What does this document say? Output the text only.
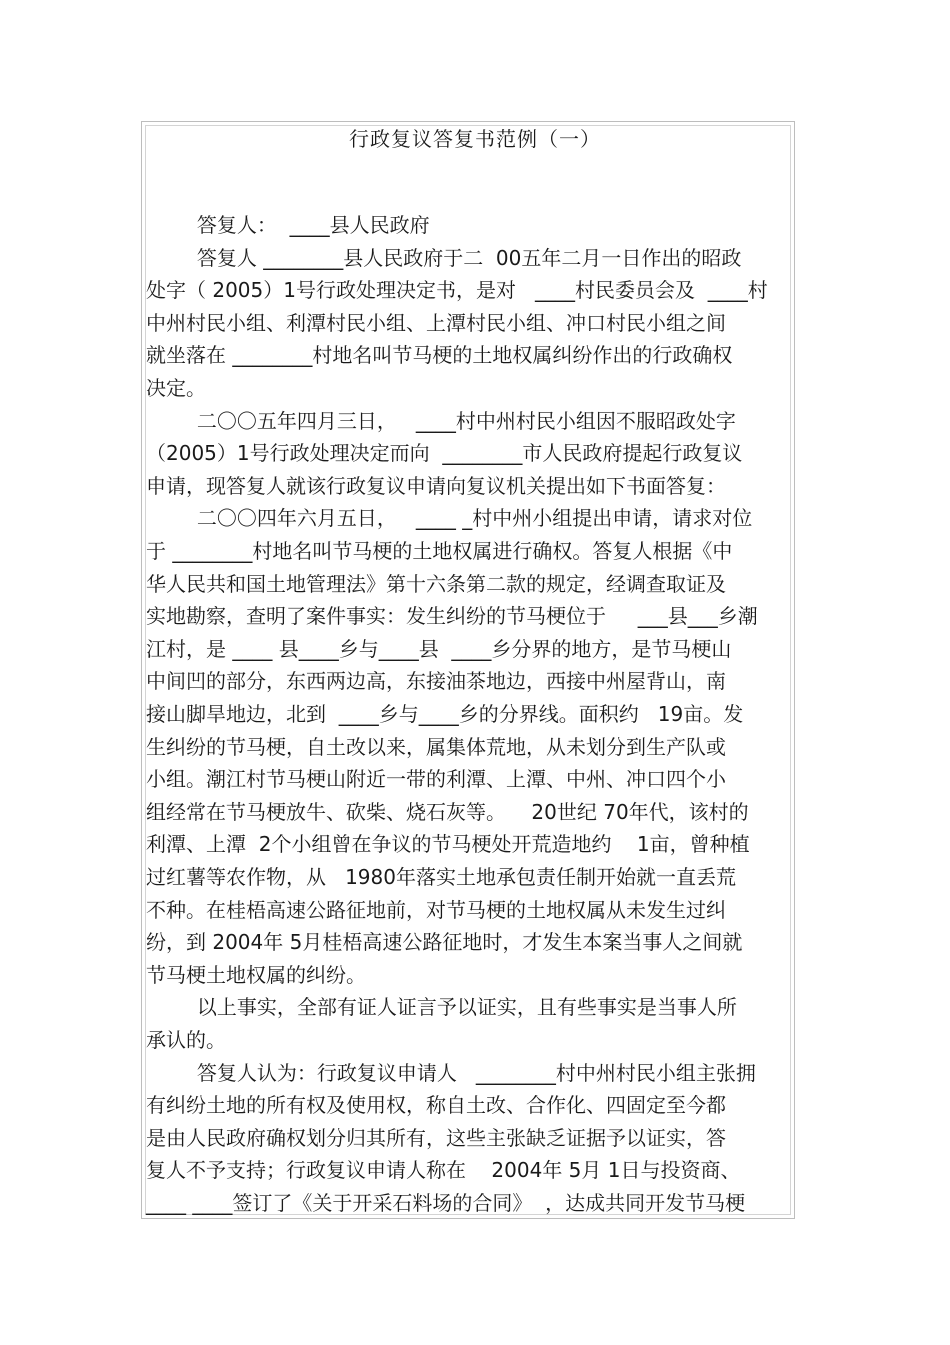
行政复议答复书范例（一）
答复人：  ____县人民政府
答复人 ________县人民政府于二  00五年二月一日作出的昭政
处字（ 2005）1号行政处理决定书，是对   ____村民委员会及  ____村
中州村民小组、利潭村民小组、上潭村民小组、冲口村民小组之间
就坐落在 ________村地名叫节马梗的土地权属纠纷作出的行政确权
决定。
二〇〇五年四月三日，   ____村中州村民小组因不服昭政处字
（2005）1号行政处理决定而向  ________市人民政府提起行政复议
申请，现答复人就该行政复议申请向复议机关提出如下书面答复：
二〇〇四年六月五日，   ____ _村中州小组提出申请，请求对位
于 ________村地名叫节马梗的土地权属进行确权。答复人根据《中
华人民共和国土地管理法》第十六条第二款的规定，经调查取证及
实地勘察，查明了案件事实：发生纠纷的节马梗位于     ___县___乡潮
江村，是 ____ 县____乡与____县  ____乡分界的地方，是节马梗山
中间凹的部分，东西两边高，东接油茶地边，西接中州屋背山，南
接山脚旱地边，北到  ____乡与____乡的分界线。面积约   19亩。发
生纠纷的节马梗，自土改以来，属集体荒地，从未划分到生产队或
小组。潮江村节马梗山附近一带的利潭、上潭、中州、冲口四个小
组经常在节马梗放牛、砍柴、烧石灰等。    20世纪 70年代，该村的
利潭、上潭  2个小组曾在争议的节马梗处开荒造地约    1亩，曾种植
过红薯等农作物，从   1980年落实土地承包责任制开始就一直丢荒
不种。在桂梧高速公路征地前，对节马梗的土地权属从未发生过纠
纷，到 2004年 5月桂梧高速公路征地时，才发生本案当事人之间就
节马梗土地权属的纠纷。
以上事实，全部有证人证言予以证实，且有些事实是当事人所
承认的。
答复人认为：行政复议申请人   ________村中州村民小组主张拥
有纠纷土地的所有权及使用权，称自土改、合作化、四固定至今都
是由人民政府确权划分归其所有，这些主张缺乏证据予以证实，答
复人不予支持；行政复议申请人称在    2004年 5月 1日与投资商、
____ ____签订了《关于开采石料场的合同》  ，达成共同开发节马梗
